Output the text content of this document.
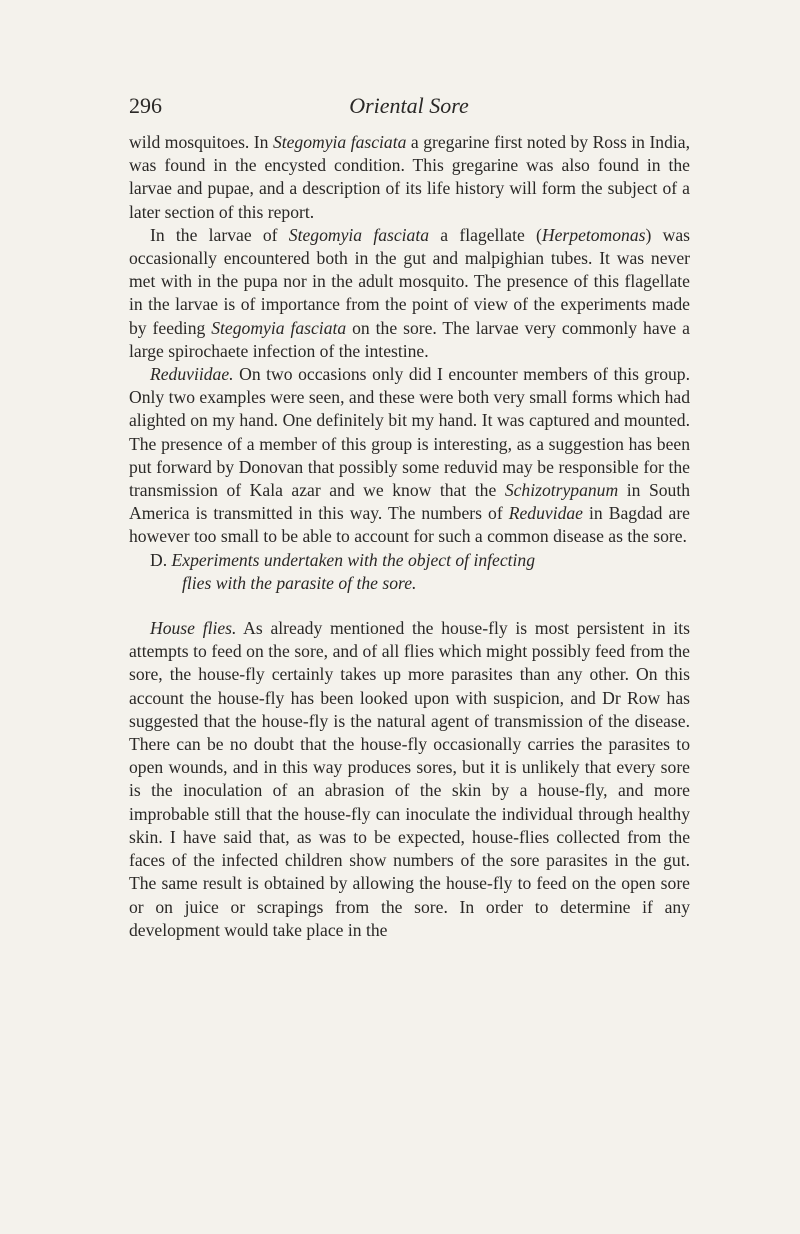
296	Oriental Sore

wild mosquitoes. In Stegomyia fasciata a gregarine first noted by Ross in India, was found in the encysted condition. This gregarine was also found in the larvae and pupae, and a description of its life history will form the subject of a later section of this report.

In the larvae of Stegomyia fasciata a flagellate (Herpetomonas) was occasionally encountered both in the gut and malpighian tubes. It was never met with in the pupa nor in the adult mosquito. The presence of this flagellate in the larvae is of importance from the point of view of the experiments made by feeding Stegomyia fasciata on the sore. The larvae very commonly have a large spirochaete infection of the intestine.

Reduviidae. On two occasions only did I encounter members of this group. Only two examples were seen, and these were both very small forms which had alighted on my hand. One definitely bit my hand. It was captured and mounted. The presence of a member of this group is interesting, as a suggestion has been put forward by Donovan that possibly some reduvid may be responsible for the transmission of Kala azar and we know that the Schizotrypanum in South America is transmitted in this way. The numbers of Reduvidae in Bagdad are however too small to be able to account for such a common disease as the sore.

D. Experiments undertaken with the object of infecting
flies with the parasite of the sore.

House flies. As already mentioned the house-fly is most persistent in its attempts to feed on the sore, and of all flies which might possibly feed from the sore, the house-fly certainly takes up more parasites than any other. On this account the house-fly has been looked upon with suspicion, and Dr Row has suggested that the house-fly is the natural agent of transmission of the disease. There can be no doubt that the house-fly occasionally carries the parasites to open wounds, and in this way produces sores, but it is unlikely that every sore is the inoculation of an abrasion of the skin by a house-fly, and more improbable still that the house-fly can inoculate the individual through healthy skin. I have said that, as was to be expected, house-flies collected from the faces of the infected children show numbers of the sore parasites in the gut. The same result is obtained by allowing the house-fly to feed on the open sore or on juice or scrapings from the sore. In order to determine if any development would take place in the
